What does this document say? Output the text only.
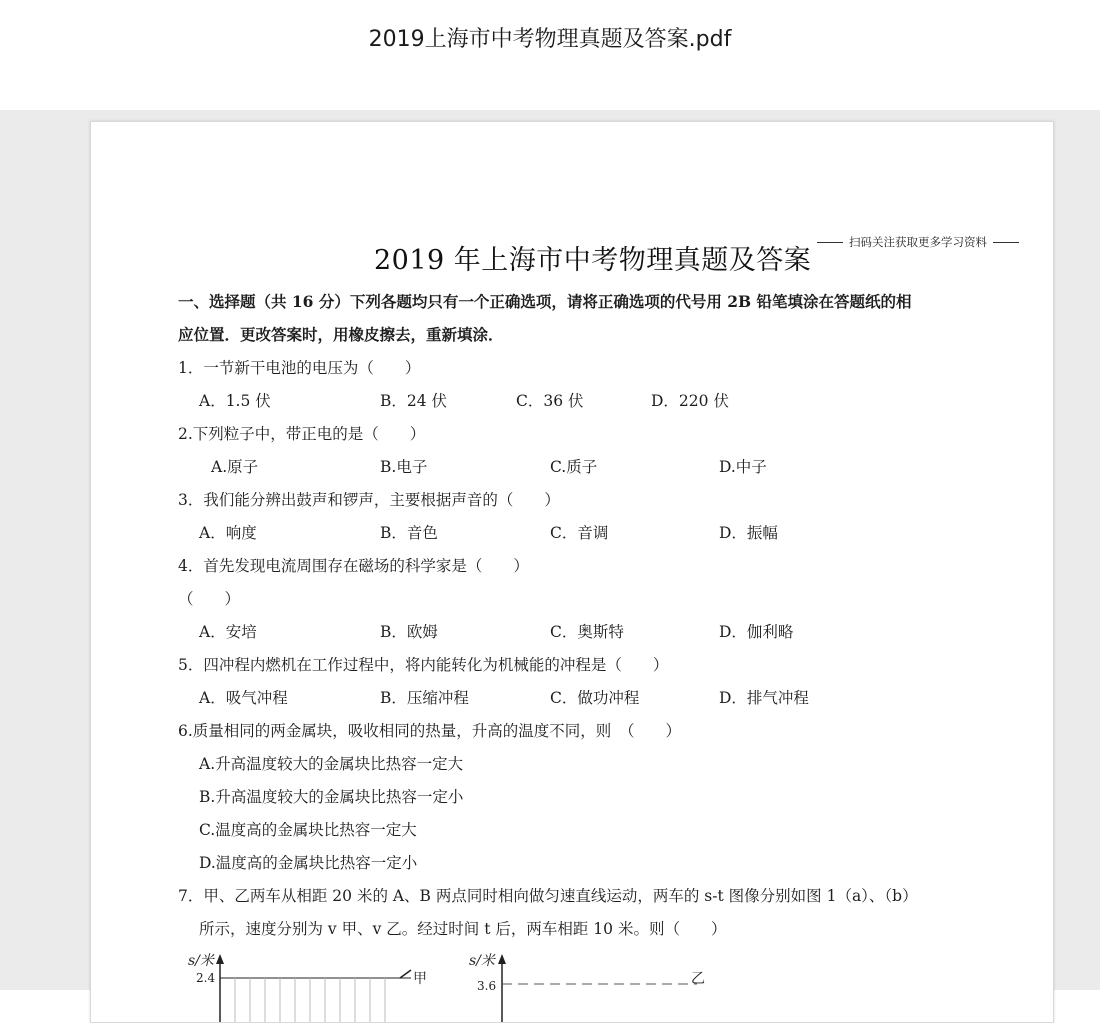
2019上海市中考物理真题及答案.pdf
2019 年上海市中考物理真题及答案
扫码关注获取更多学习资料
一、选择题（共 16 分）下列各题均只有一个正确选项，请将正确选项的代号用 2B 铅笔填涂在答题纸的相
应位置．更改答案时，用橡皮擦去，重新填涂．
1．一节新干电池的电压为（　　）
A．1.5 伏	B．24 伏	C．36 伏	D．220 伏
2.下列粒子中，带正电的是（　　）
A.原子	B.电子	C.质子	D.中子
3．我们能分辨出鼓声和锣声，主要根据声音的（　　）
A．响度	B．音色	C．音调	D．振幅
4．首先发现电流周围存在磁场的科学家是（　　）
（　　）
A．安培	B．欧姆	C．奥斯特	D．伽利略
5．四冲程内燃机在工作过程中，将内能转化为机械能的冲程是（　　）
A．吸气冲程	B．压缩冲程	C．做功冲程	D．排气冲程
6.质量相同的两金属块，吸收相同的热量，升高的温度不同，则　（　　）
A.升高温度较大的金属块比热容一定大
B.升高温度较大的金属块比热容一定小
C.温度高的金属块比热容一定大
D.温度高的金属块比热容一定小
7．甲、乙两车从相距 20 米的 A、B 两点同时相向做匀速直线运动，两车的 s-t 图像分别如图 1（a）、（b）
所示，速度分别为 v 甲、v 乙。经过时间 t 后，两车相距 10 米。则（　　）
s/米
2.4	甲
s/米
3.6	乙
